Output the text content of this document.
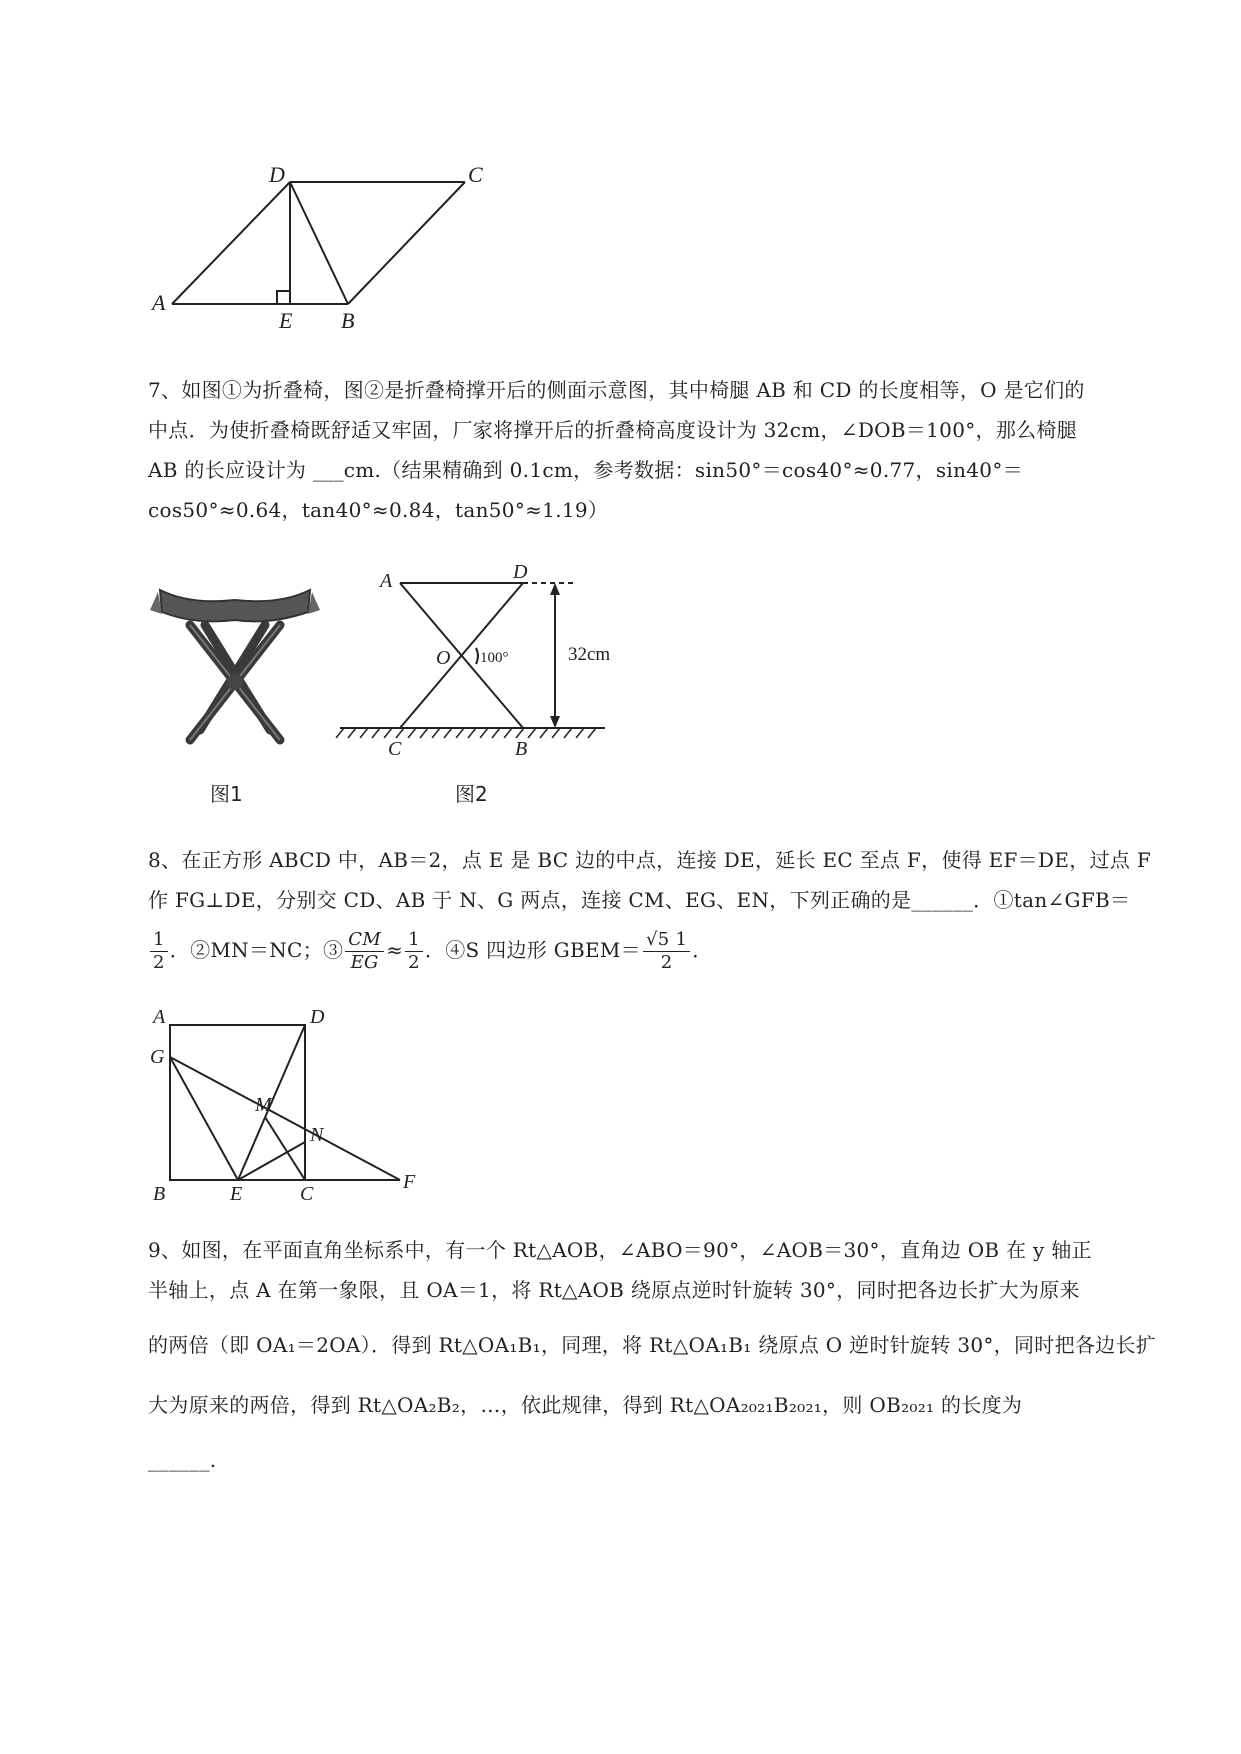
D	C
A
E B
7、如图①为折叠椅，图②是折叠椅撑开后的侧面示意图，其中椅腿 AB 和 CD 的长度相等，O 是它们的
中点．为使折叠椅既舒适又牢固，厂家将撑开后的折叠椅高度设计为 32cm，∠DOB＝100°，那么椅腿
AB 的长应设计为 ___cm.（结果精确到 0.1cm，参考数据：sin50°＝cos40°≈0.77，sin40°＝
cos50°≈0.64，tan40°≈0.84，tan50°≈1.19）
图1
A	D
O
C	B
100°	32cm
图2
8、在正方形 ABCD 中，AB＝2，点 E 是 BC 边的中点，连接 DE，延长 EC 至点 F，使得 EF＝DE，过点 F
作 FG⊥DE，分别交 CD、AB 于 N、G 两点，连接 CM、EG、EN，下列正确的是______．①tan∠GFB＝
$\frac{1}{2}$ ．②MN＝NC；③ $\frac{CM}{EG} \approx \frac{1}{2}$ ．④S 四边形 GBEM＝ $\frac{√5 1}{2}$ ．
A	D
G
M
N
B	E	C
F
9、如图，在平面直角坐标系中，有一个 Rt△AOB，∠ABO＝90°，∠AOB＝30°，直角边 OB 在 y 轴正
半轴上，点 A 在第一象限，且 OA＝1，将 Rt△AOB 绕原点逆时针旋转 30°，同时把各边长扩大为原来
的两倍（即 OA₁＝2OA）．得到 Rt△OA₁B₁，同理，将 Rt△OA₁B₁ 绕原点 O 逆时针旋转 30°，同时把各边长扩
大为原来的两倍，得到 Rt△OA₂B₂，…，依此规律，得到 Rt△OA₂₀₂₁B₂₀₂₁，则 OB₂₀₂₁ 的长度为
______.
